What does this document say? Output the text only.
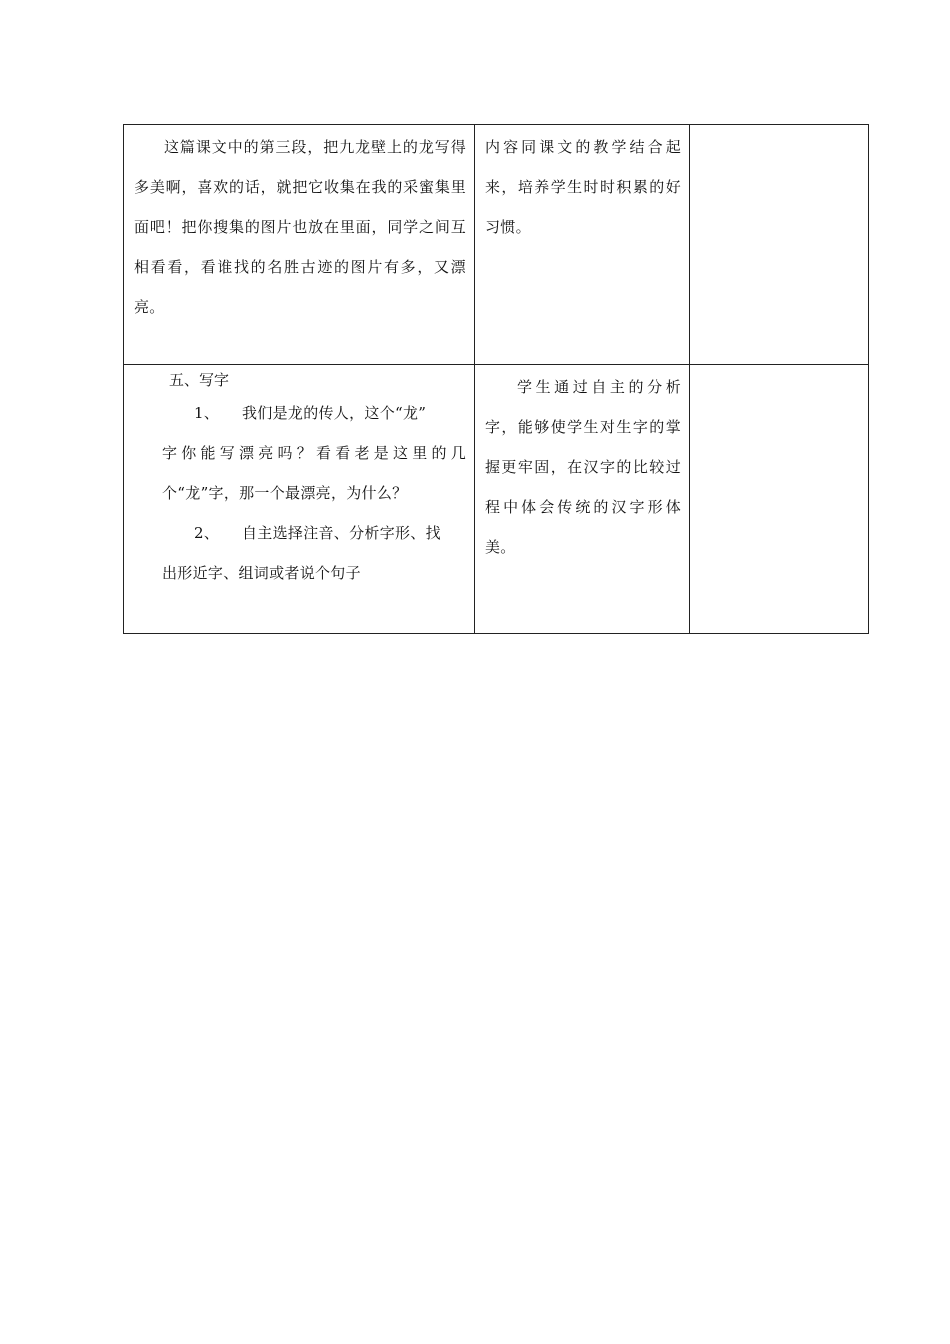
这篇课文中的第三段，把九龙壁上的龙写得多美啊，喜欢的话，就把它收集在我的采蜜集里面吧！把你搜集的图片也放在里面，同学之间互相看看，看谁找的名胜古迹的图片有多，又漂亮。	内容同课文的教学结合起来，培养学生时时积累的好习惯。	

五、写字

1、 我们是龙的传人，这个“龙”

字你能写漂亮吗？看看老是这里的几个“龙”字，那一个最漂亮，为什么？

2、 自主选择注音、分析字形、找

出形近字、组词或者说个句子	学生通过自主的分析字，能够使学生对生字的掌握更牢固，在汉字的比较过程中体会传统的汉字形体美。	
